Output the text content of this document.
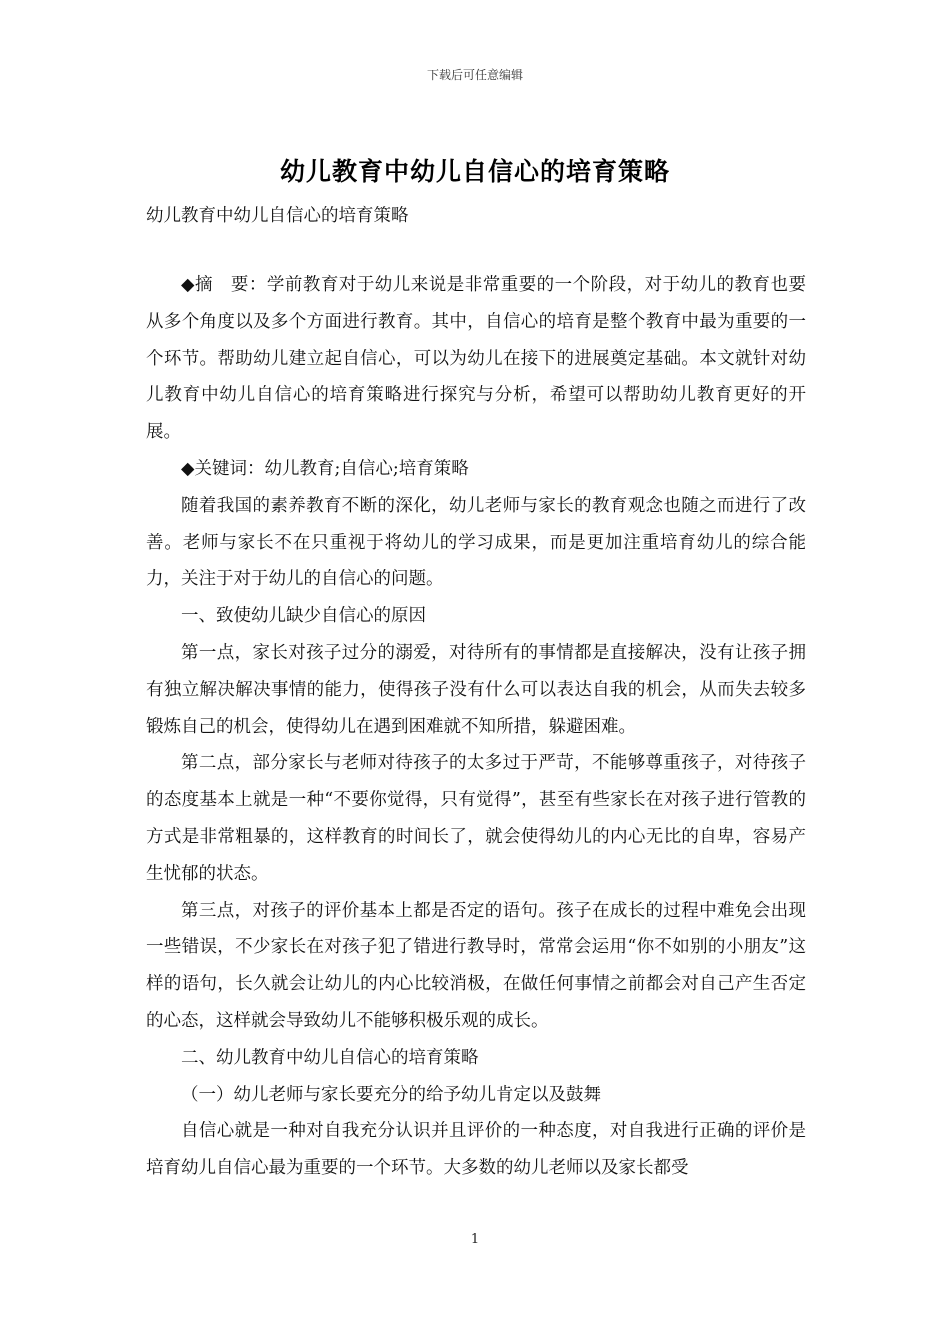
下载后可任意编辑
幼儿教育中幼儿自信心的培育策略
幼儿教育中幼儿自信心的培育策略

◆摘　要：学前教育对于幼儿来说是非常重要的一个阶段，对于幼儿的教育也要从多个角度以及多个方面进行教育。其中，自信心的培育是整个教育中最为重要的一个环节。帮助幼儿建立起自信心，可以为幼儿在接下的进展奠定基础。本文就针对幼儿教育中幼儿自信心的培育策略进行探究与分析，希望可以帮助幼儿教育更好的开展。

◆关键词：幼儿教育;自信心;培育策略

随着我国的素养教育不断的深化，幼儿老师与家长的教育观念也随之而进行了改善。老师与家长不在只重视于将幼儿的学习成果，而是更加注重培育幼儿的综合能力，关注于对于幼儿的自信心的问题。

一、致使幼儿缺少自信心的原因

第一点，家长对孩子过分的溺爱，对待所有的事情都是直接解决，没有让孩子拥有独立解决解决事情的能力，使得孩子没有什么可以表达自我的机会，从而失去较多锻炼自己的机会，使得幼儿在遇到困难就不知所措，躲避困难。

第二点，部分家长与老师对待孩子的太多过于严苛，不能够尊重孩子，对待孩子的态度基本上就是一种“不要你觉得，只有觉得”，甚至有些家长在对孩子进行管教的方式是非常粗暴的，这样教育的时间长了，就会使得幼儿的内心无比的自卑，容易产生忧郁的状态。

第三点，对孩子的评价基本上都是否定的语句。孩子在成长的过程中难免会出现一些错误，不少家长在对孩子犯了错进行教导时，常常会运用“你不如别的小朋友”这样的语句，长久就会让幼儿的内心比较消极，在做任何事情之前都会对自己产生否定的心态，这样就会导致幼儿不能够积极乐观的成长。

二、幼儿教育中幼儿自信心的培育策略

（一）幼儿老师与家长要充分的给予幼儿肯定以及鼓舞

自信心就是一种对自我充分认识并且评价的一种态度，对自我进行正确的评价是培育幼儿自信心最为重要的一个环节。大多数的幼儿老师以及家长都受

1
